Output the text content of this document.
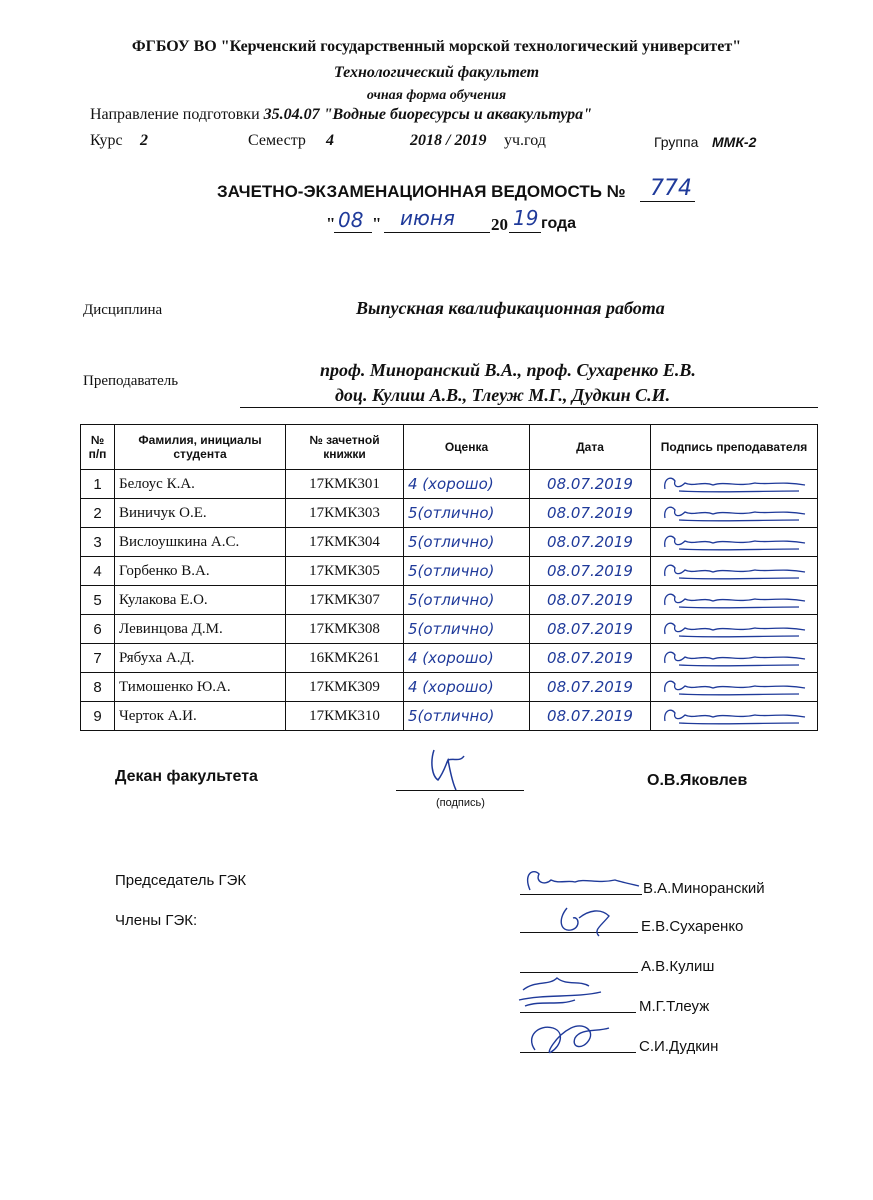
ФГБОУ ВО "Керченский государственный морской технологический университет"
Технологический факультет
очная форма обучения
Направление подготовки 35.04.07 "Водные биоресурсы и аквакультура"
Курс 2	Семестр 4	2018 / 2019 уч.год	Группа ММК-2
ЗАЧЕТНО-ЭКЗАМЕНАЦИОННАЯ ВЕДОМОСТЬ № 774
" 08 " июня 20 19 года
Дисциплина	Выпускная квалификационная работа
Преподаватель
проф. Миноранский В.А., проф. Сухаренко Е.В.
доц. Кулиш А.В., Тлеуж М.Г., Дудкин С.И.
№ п/п	Фамилия, инициалы студента	№ зачетной книжки	Оценка	Дата	Подпись преподавателя
1	Белоус К.А.	17КМК301	4 (хорошо)	08.07.2019	
2	Виничук О.Е.	17КМК303	5(отлично)	08.07.2019	
3	Вислоушкина А.С.	17КМК304	5(отлично)	08.07.2019	
4	Горбенко В.А.	17КМК305	5(отлично)	08.07.2019	
5	Кулакова Е.О.	17КМК307	5(отлично)	08.07.2019	
6	Левинцова Д.М.	17КМК308	5(отлично)	08.07.2019	
7	Рябуха А.Д.	16КМК261	4 (хорошо)	08.07.2019	
8	Тимошенко Ю.А.	17КМК309	4 (хорошо)	08.07.2019	
9	Черток А.И.	17КМК310	5(отлично)	08.07.2019	
Декан факультета
(подпись)
О.В.Яковлев
Председатель ГЭК
Члены ГЭК:
В.А.Миноранский
Е.В.Сухаренко
А.В.Кулиш
М.Г.Тлеуж
С.И.Дудкин
